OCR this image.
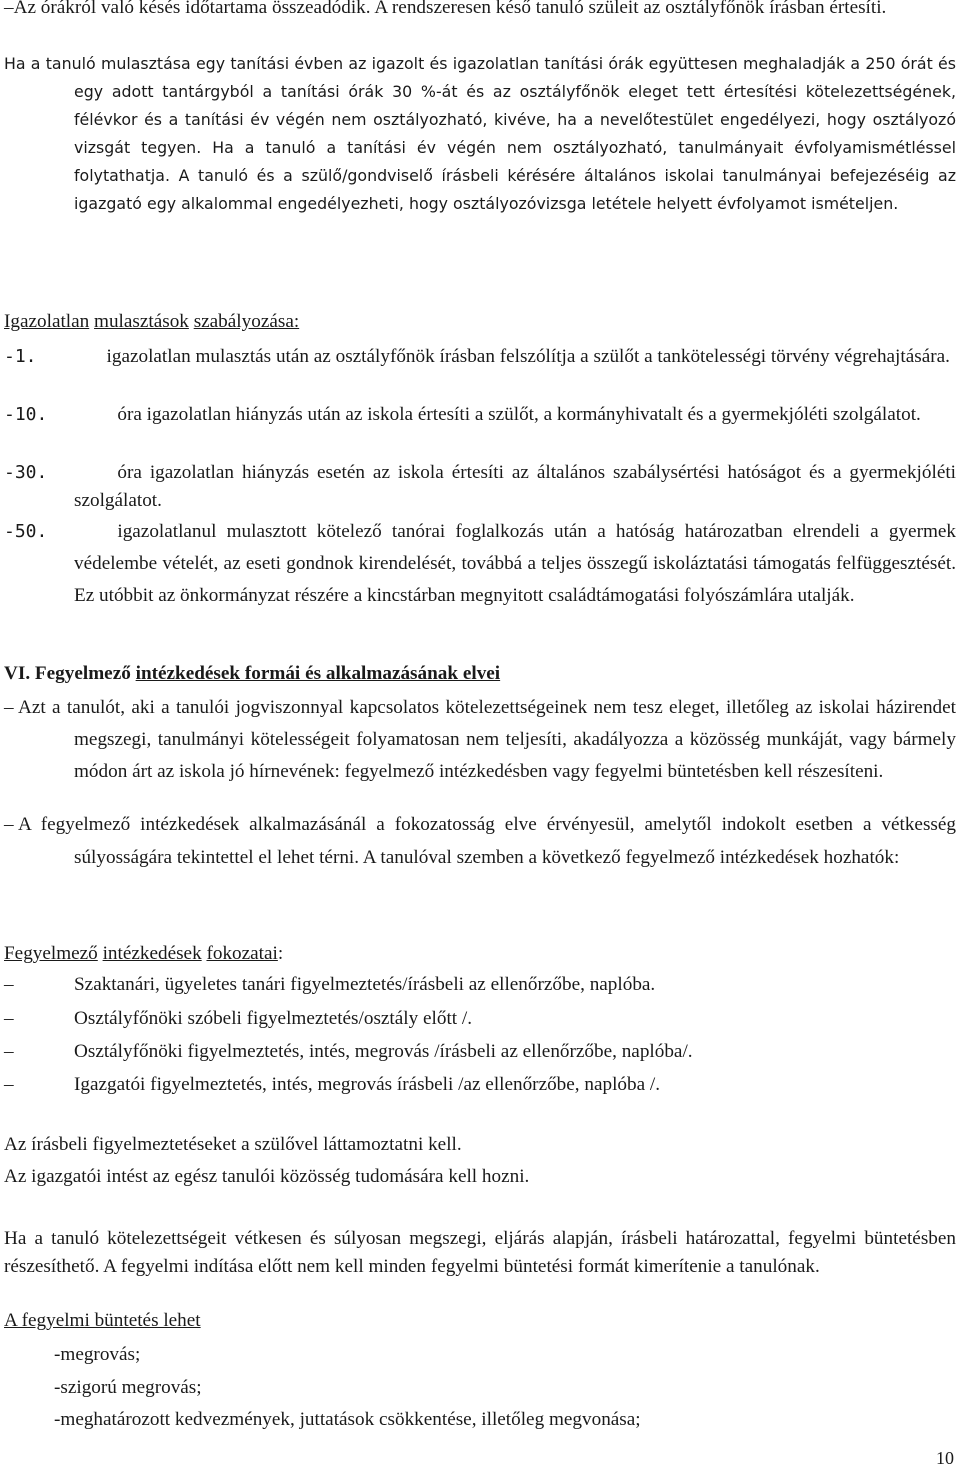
–Az órákról való késés időtartama összeadódik. A rendszeresen késő tanuló szüleit az osztályfőnök írásban értesíti.

Ha a tanuló mulasztása egy tanítási évben az igazolt és igazolatlan tanítási órák együttesen meghaladják a 250 órát és egy adott tantárgyból a tanítási órák 30 %-át és az osztályfőnök eleget tett értesítési kötelezettségének, félévkor és a tanítási év végén nem osztályozható, kivéve, ha a nevelőtestület engedélyezi, hogy osztályozó vizsgát tegyen. Ha a tanuló a tanítási év végén nem osztályozható, tanulmányait évfolyamismétléssel folytathatja. A tanuló és a szülő/gondviselő írásbeli kérésére általános iskolai tanulmányai befejezéséig az igazgató egy alkalommal engedélyezheti, hogy osztályozóvizsga letétele helyett évfolyamot ismételjen.

Igazolatlan mulasztások szabályozása:

-1.	igazolatlan mulasztás után az osztályfőnök írásban felszólítja a szülőt a tankötelességi törvény végrehajtására.

-10.	óra igazolatlan hiányzás után az iskola értesíti a szülőt, a kormányhivatalt és a gyermekjóléti szolgálatot.

-30.	óra igazolatlan hiányzás esetén az iskola értesíti az általános szabálysértési hatóságot és a gyermekjóléti szolgálatot.

-50.	igazolatlanul mulasztott kötelező tanórai foglalkozás után a hatóság határozatban elrendeli a gyermek védelembe vételét, az eseti gondnok kirendelését, továbbá a teljes összegű iskoláztatási támogatás felfüggesztését. Ez utóbbit az önkormányzat részére a kincstárban megnyitott családtámogatási folyószámlára utalják.

VI. Fegyelmező intézkedések formái és alkalmazásának elvei

– Azt a tanulót, aki a tanulói jogviszonnyal kapcsolatos kötelezettségeinek nem tesz eleget, illetőleg az iskolai házirendet megszegi, tanulmányi kötelességeit folyamatosan nem teljesíti, akadályozza a közösség munkáját, vagy bármely módon árt az iskola jó hírnevének: fegyelmező intézkedésben vagy fegyelmi büntetésben kell részesíteni.

– A fegyelmező intézkedések alkalmazásánál a fokozatosság elve érvényesül, amelytől indokolt esetben a vétkesség súlyosságára tekintettel el lehet térni. A tanulóval szemben a következő fegyelmező intézkedések hozhatók:

Fegyelmező intézkedések fokozatai:

–	Szaktanári, ügyeletes tanári figyelmeztetés/írásbeli az ellenőrzőbe, naplóba.

–	Osztályfőnöki szóbeli figyelmeztetés/osztály előtt /.

–	Osztályfőnöki figyelmeztetés, intés, megrovás /írásbeli az ellenőrzőbe, naplóba/.

–	Igazgatói figyelmeztetés, intés, megrovás írásbeli /az ellenőrzőbe, naplóba /.

Az írásbeli figyelmeztetéseket a szülővel láttamoztatni kell.

Az igazgatói intést az egész tanulói közösség tudomására kell hozni.

Ha a tanuló kötelezettségeit vétkesen és súlyosan megszegi, eljárás alapján, írásbeli határozattal, fegyelmi büntetésben részesíthető. A fegyelmi indítása előtt nem kell minden fegyelmi büntetési formát kimerítenie a tanulónak.

A fegyelmi büntetés lehet

-megrovás;

-szigorú megrovás;

-meghatározott kedvezmények, juttatások csökkentése, illetőleg megvonása;

10
